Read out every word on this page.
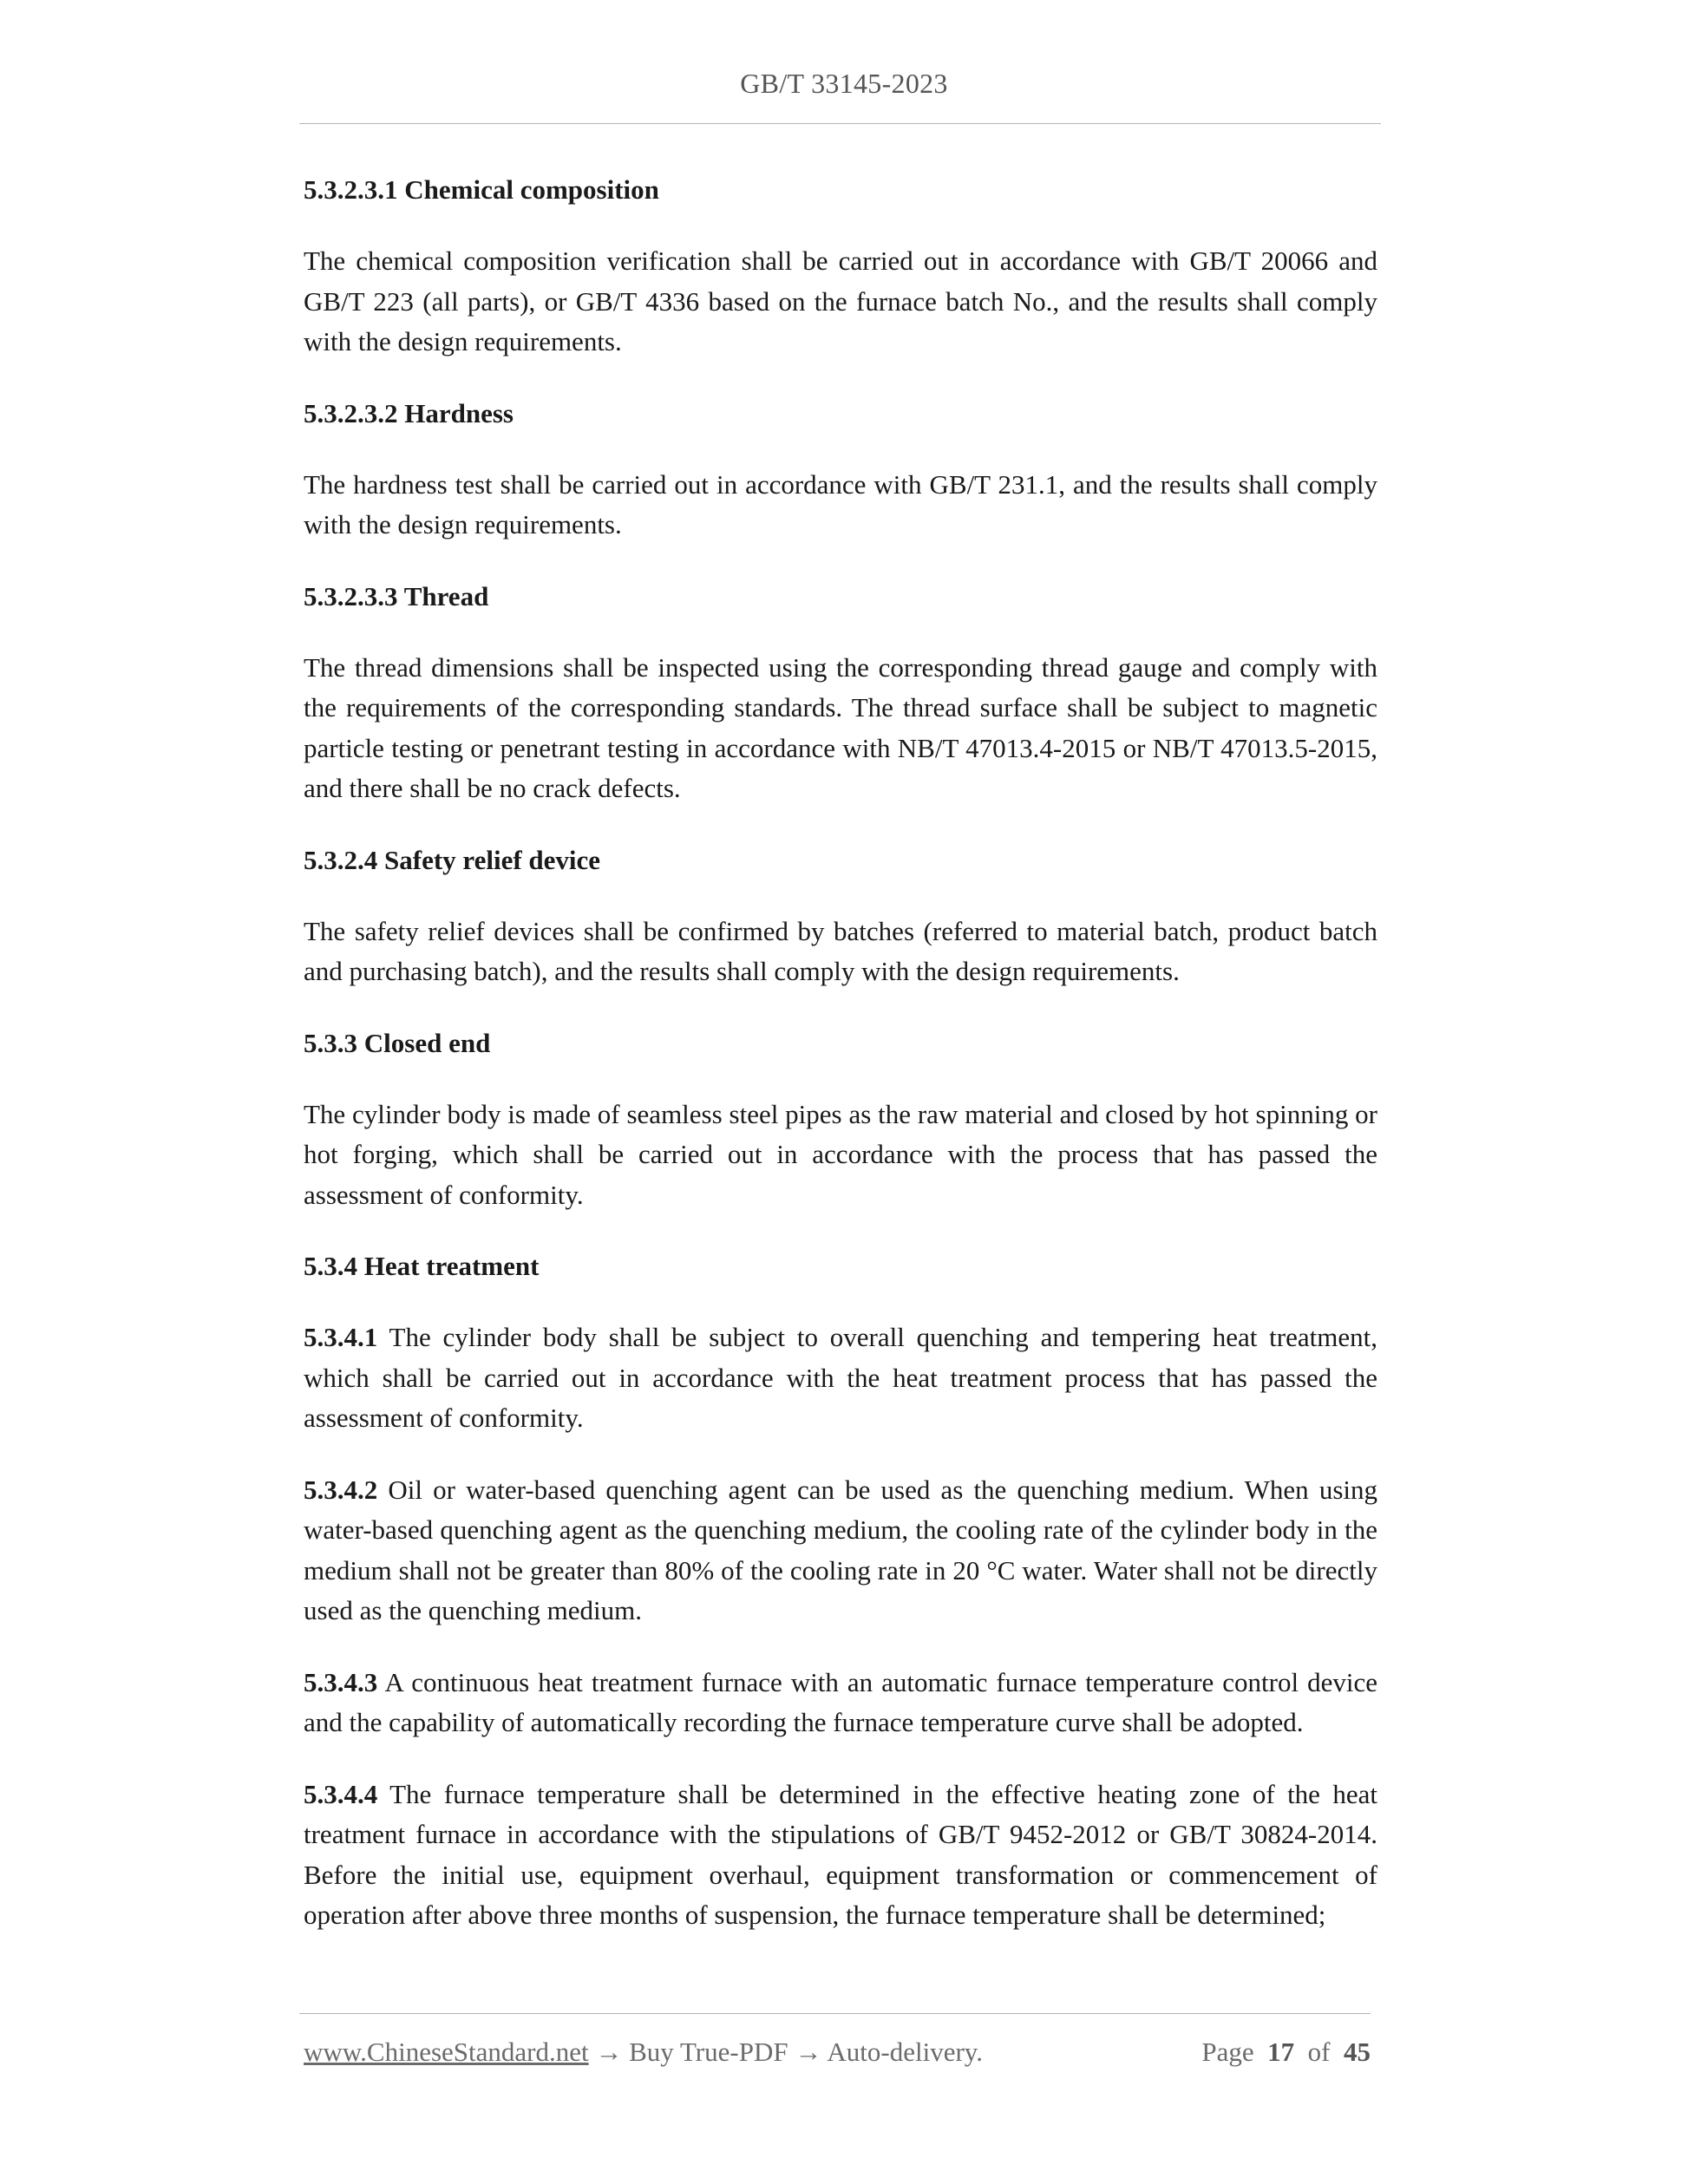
GB/T 33145-2023
5.3.2.3.1 Chemical composition
The chemical composition verification shall be carried out in accordance with GB/T 20066 and GB/T 223 (all parts), or GB/T 4336 based on the furnace batch No., and the results shall comply with the design requirements.
5.3.2.3.2 Hardness
The hardness test shall be carried out in accordance with GB/T 231.1, and the results shall comply with the design requirements.
5.3.2.3.3 Thread
The thread dimensions shall be inspected using the corresponding thread gauge and comply with the requirements of the corresponding standards. The thread surface shall be subject to magnetic particle testing or penetrant testing in accordance with NB/T 47013.4-2015 or NB/T 47013.5-2015, and there shall be no crack defects.
5.3.2.4 Safety relief device
The safety relief devices shall be confirmed by batches (referred to material batch, product batch and purchasing batch), and the results shall comply with the design requirements.
5.3.3 Closed end
The cylinder body is made of seamless steel pipes as the raw material and closed by hot spinning or hot forging, which shall be carried out in accordance with the process that has passed the assessment of conformity.
5.3.4 Heat treatment
5.3.4.1 The cylinder body shall be subject to overall quenching and tempering heat treatment, which shall be carried out in accordance with the heat treatment process that has passed the assessment of conformity.
5.3.4.2 Oil or water-based quenching agent can be used as the quenching medium. When using water-based quenching agent as the quenching medium, the cooling rate of the cylinder body in the medium shall not be greater than 80% of the cooling rate in 20 °C water. Water shall not be directly used as the quenching medium.
5.3.4.3 A continuous heat treatment furnace with an automatic furnace temperature control device and the capability of automatically recording the furnace temperature curve shall be adopted.
5.3.4.4 The furnace temperature shall be determined in the effective heating zone of the heat treatment furnace in accordance with the stipulations of GB/T 9452-2012 or GB/T 30824-2014. Before the initial use, equipment overhaul, equipment transformation or commencement of operation after above three months of suspension, the furnace temperature shall be determined;
www.ChineseStandard.net → Buy True-PDF → Auto-delivery.	Page 17 of 45
